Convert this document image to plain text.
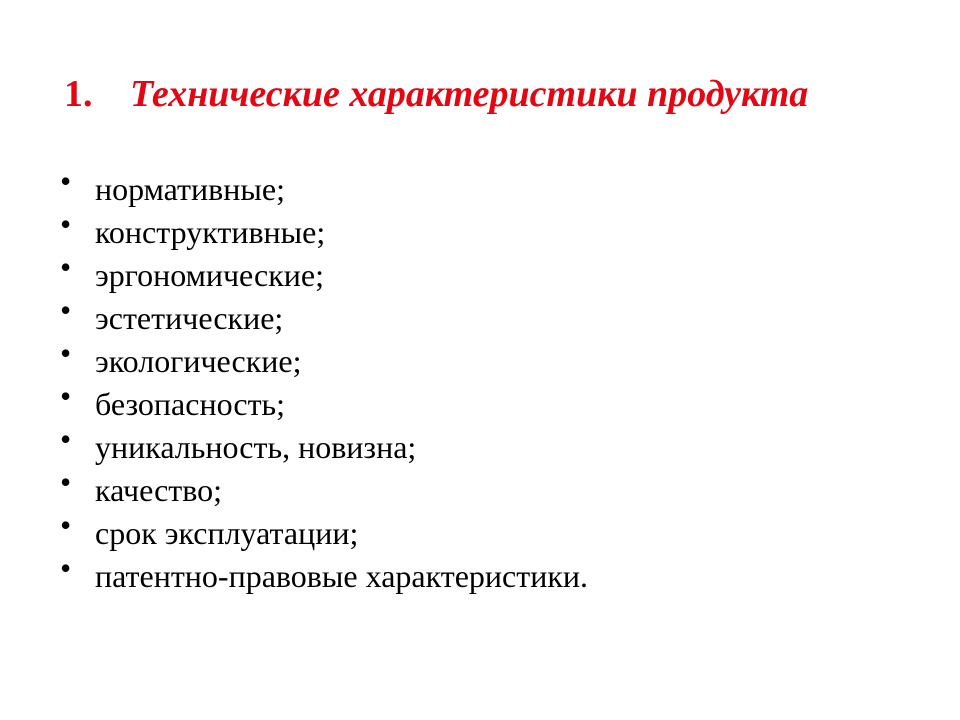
1. Технические характеристики продукта
• нормативные;
• конструктивные;
• эргономические;
• эстетические;
• экологические;
• безопасность;
• уникальность, новизна;
• качество;
• срок эксплуатации;
• патентно-правовые характеристики.
